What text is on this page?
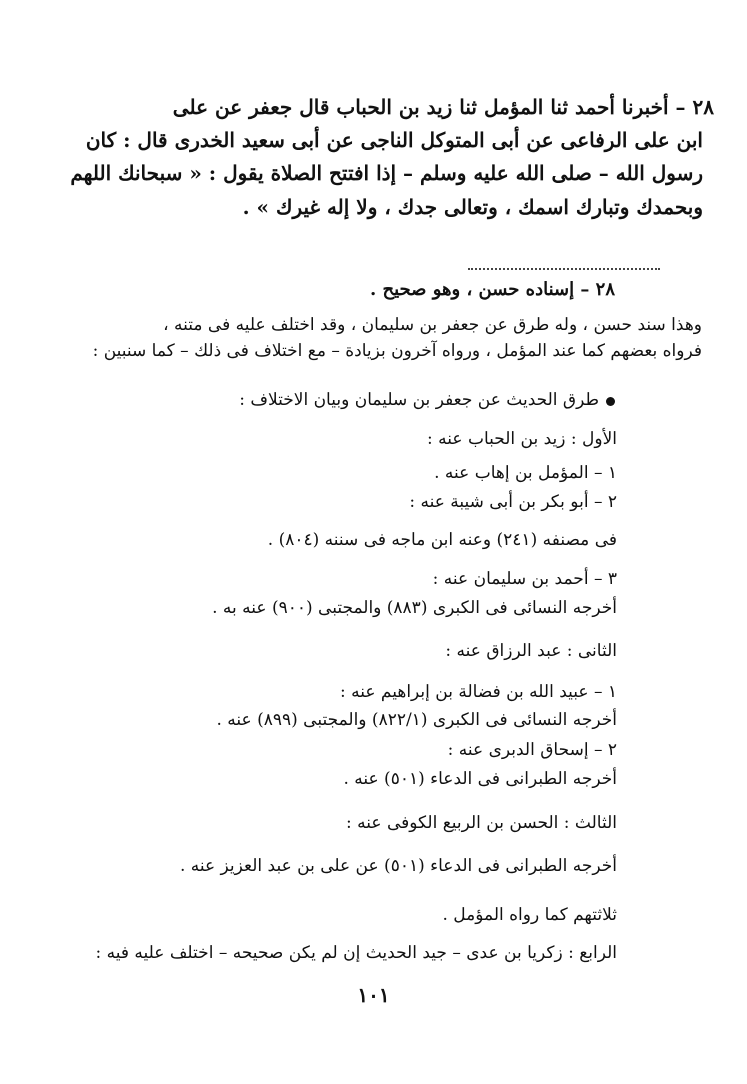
٢٨ – أخبرنا أحمد ثنا المؤمل ثنا زيد بن الحباب قال جعفر عن على
ابن على الرفاعى عن أبى المتوكل الناجى عن أبى سعيد الخدرى قال : كان
رسول الله – صلى الله عليه وسلم – إذا افتتح الصلاة يقول : « سبحانك اللهم
وبحمدك وتبارك اسمك ، وتعالى جدك ، ولا إله غيرك » .
٢٨ – إسناده حسن ، وهو صحيح .
وهذا سند حسن ، وله طرق عن جعفر بن سليمان ، وقد اختلف عليه فى متنه ،
فرواه بعضهم كما عند المؤمل ، ورواه آخرون بزيادة – مع اختلاف فى ذلك – كما سنبين :
طرق الحديث عن جعفر بن سليمان وبيان الاختلاف :
الأول : زيد بن الحباب عنه :
١ – المؤمل بن إهاب عنه .
٢ – أبو بكر بن أبى شيبة عنه :
فى مصنفه (٢٤١) وعنه ابن ماجه فى سننه (٨٠٤) .
٣ – أحمد بن سليمان عنه :
أخرجه النسائى فى الكبرى (٨٨٣) والمجتبى (٩٠٠) عنه به .
الثانى : عبد الرزاق عنه :
١ – عبيد الله بن فضالة بن إبراهيم عنه :
أخرجه النسائى فى الكبرى (٨٢٢/١) والمجتبى (٨٩٩) عنه .
٢ – إسحاق الدبرى عنه :
أخرجه الطبرانى فى الدعاء (٥٠١) عنه .
الثالث : الحسن بن الربيع الكوفى عنه :
أخرجه الطبرانى فى الدعاء (٥٠١) عن على بن عبد العزيز عنه .
ثلاثتهم كما رواه المؤمل .
الرابع : زكريا بن عدى – جيد الحديث إن لم يكن صحيحه – اختلف عليه فيه :
١٠١
